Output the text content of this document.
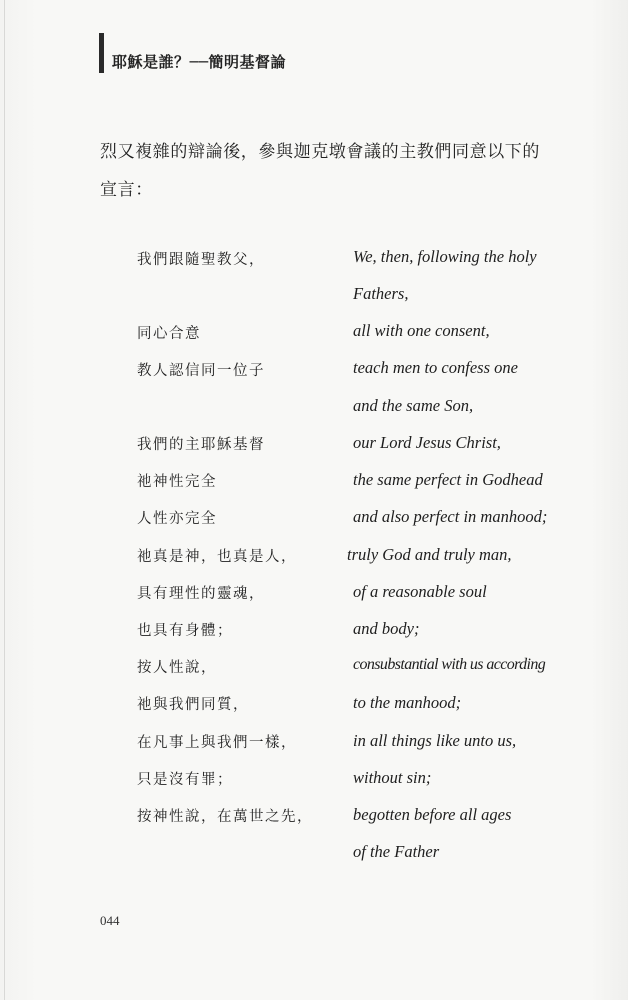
耶穌是誰？──簡明基督論

烈又複雜的辯論後，參與迦克墩會議的主教們同意以下的

宣言：

我們跟隨聖教父，
同心合意
教人認信同一位子
我們的主耶穌基督
祂神性完全
人性亦完全
祂真是神，也真是人，
具有理性的靈魂，
也具有身體；
按人性說，
祂與我們同質，
在凡事上與我們一樣，
只是沒有罪；
按神性說，在萬世之先，
We, then, following the holy
Fathers,
all with one consent,
teach men to confess one
and the same Son,
our Lord Jesus Christ,
the same perfect in Godhead
and also perfect in manhood;
truly God and truly man,
of a reasonable soul
and body;
consubstantial with us according
to the manhood;
in all things like unto us,
without sin;
begotten before all ages
of the Father
044
